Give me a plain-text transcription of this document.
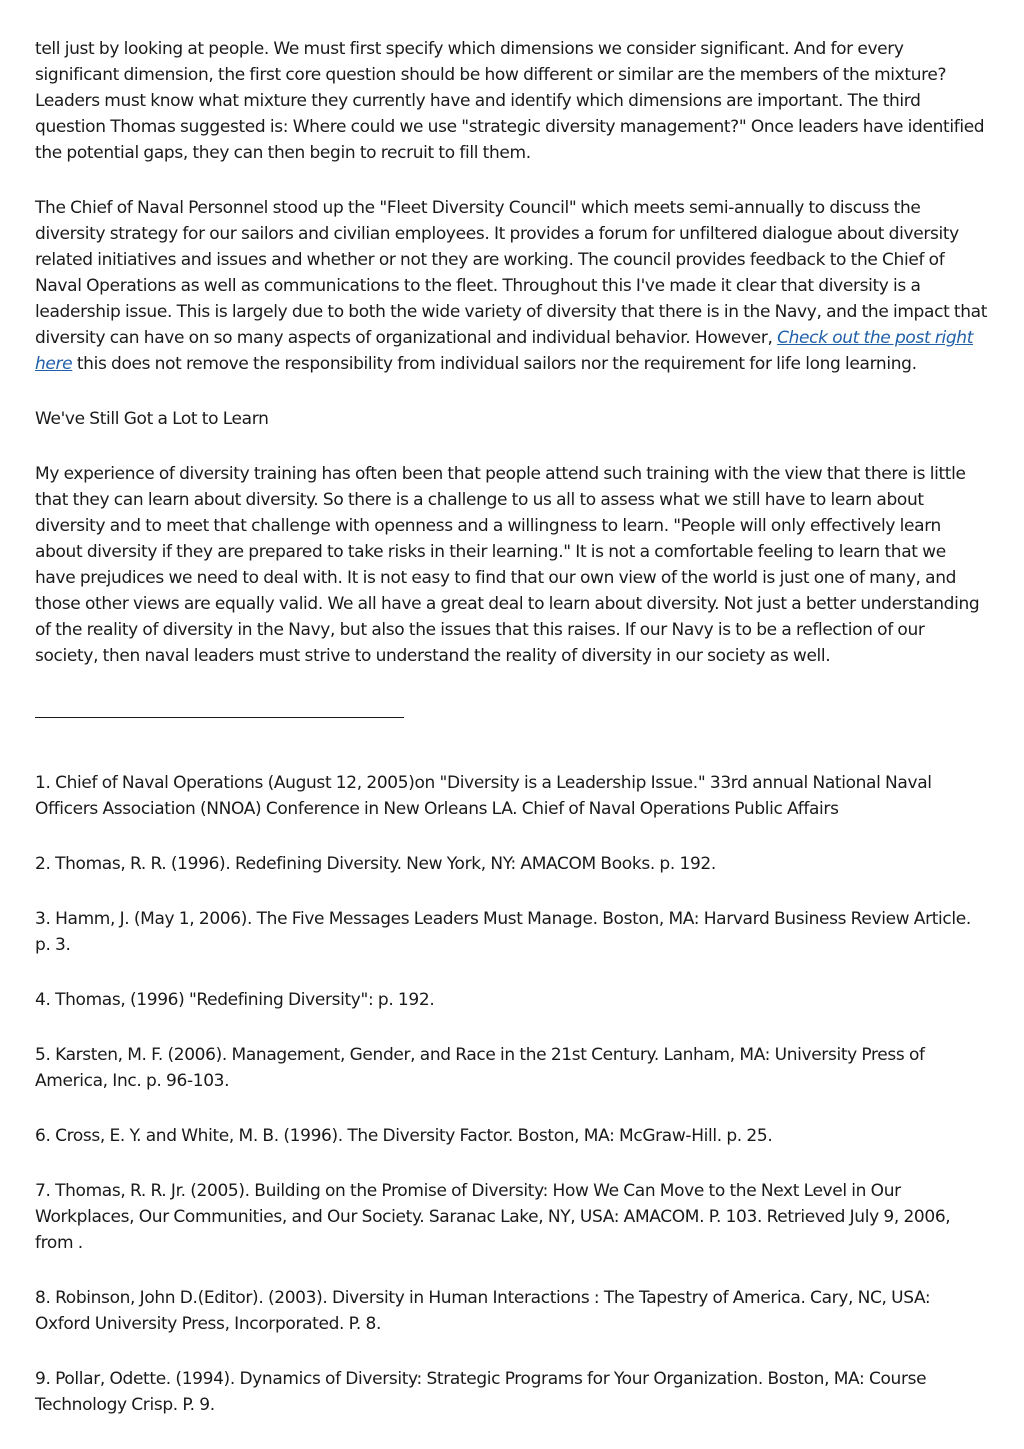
tell just by looking at people. We must first specify which dimensions we consider significant. And for every significant dimension, the first core question should be how different or similar are the members of the mixture? Leaders must know what mixture they currently have and identify which dimensions are important. The third question Thomas suggested is: Where could we use "strategic diversity management?" Once leaders have identified the potential gaps, they can then begin to recruit to fill them.

The Chief of Naval Personnel stood up the "Fleet Diversity Council" which meets semi-annually to discuss the diversity strategy for our sailors and civilian employees. It provides a forum for unfiltered dialogue about diversity related initiatives and issues and whether or not they are working. The council provides feedback to the Chief of Naval Operations as well as communications to the fleet. Throughout this I've made it clear that diversity is a leadership issue. This is largely due to both the wide variety of diversity that there is in the Navy, and the impact that diversity can have on so many aspects of organizational and individual behavior. However, Check out the post right here this does not remove the responsibility from individual sailors nor the requirement for life long learning.

We've Still Got a Lot to Learn

My experience of diversity training has often been that people attend such training with the view that there is little that they can learn about diversity. So there is a challenge to us all to assess what we still have to learn about diversity and to meet that challenge with openness and a willingness to learn. "People will only effectively learn about diversity if they are prepared to take risks in their learning." It is not a comfortable feeling to learn that we have prejudices we need to deal with. It is not easy to find that our own view of the world is just one of many, and those other views are equally valid. We all have a great deal to learn about diversity. Not just a better understanding of the reality of diversity in the Navy, but also the issues that this raises. If our Navy is to be a reflection of our society, then naval leaders must strive to understand the reality of diversity in our society as well.

1. Chief of Naval Operations (August 12, 2005)on "Diversity is a Leadership Issue." 33rd annual National Naval Officers Association (NNOA) Conference in New Orleans LA. Chief of Naval Operations Public Affairs

2. Thomas, R. R. (1996). Redefining Diversity. New York, NY: AMACOM Books. p. 192.

3. Hamm, J. (May 1, 2006). The Five Messages Leaders Must Manage. Boston, MA: Harvard Business Review Article. p. 3.

4. Thomas, (1996) "Redefining Diversity": p. 192.

5. Karsten, M. F. (2006). Management, Gender, and Race in the 21st Century. Lanham, MA: University Press of America, Inc. p. 96-103.

6. Cross, E. Y. and White, M. B. (1996). The Diversity Factor. Boston, MA: McGraw-Hill. p. 25.

7. Thomas, R. R. Jr. (2005). Building on the Promise of Diversity: How We Can Move to the Next Level in Our Workplaces, Our Communities, and Our Society. Saranac Lake, NY, USA: AMACOM. P. 103. Retrieved July 9, 2006, from .

8. Robinson, John D.(Editor). (2003). Diversity in Human Interactions : The Tapestry of America. Cary, NC, USA: Oxford University Press, Incorporated. P. 8.

9. Pollar, Odette. (1994). Dynamics of Diversity: Strategic Programs for Your Organization. Boston, MA: Course Technology Crisp. P. 9.
